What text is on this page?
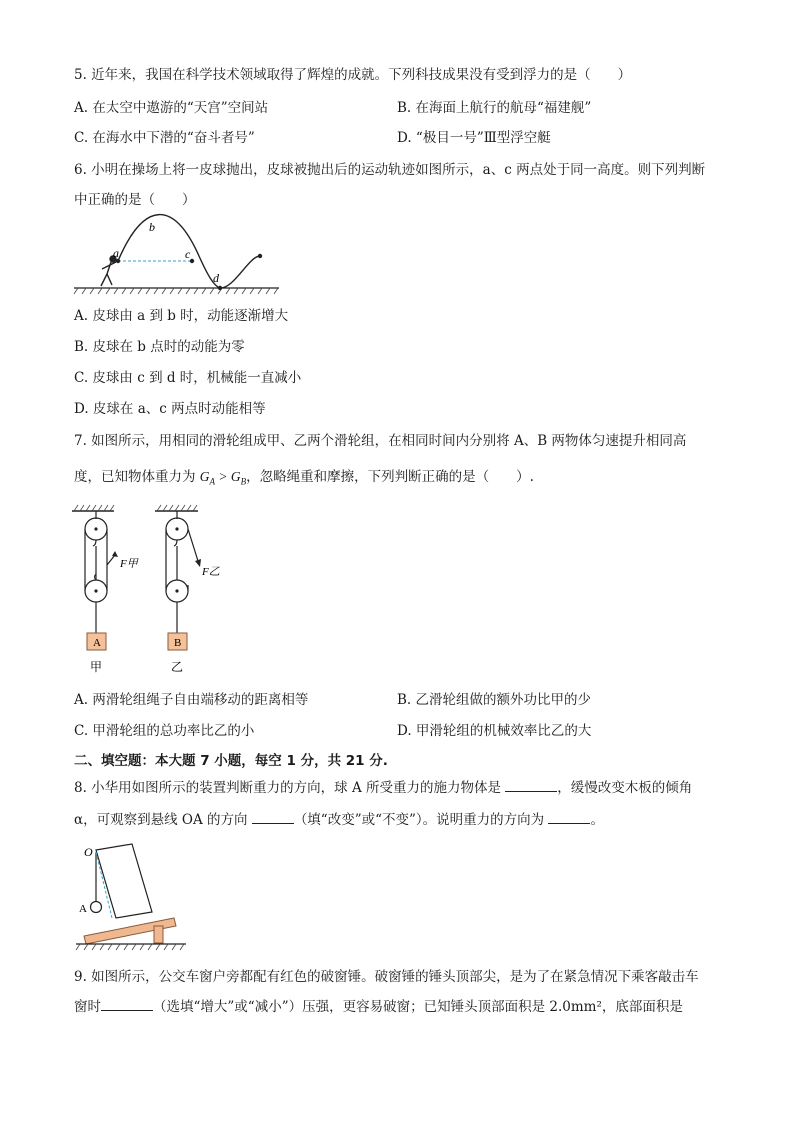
5. 近年来，我国在科学技术领域取得了辉煌的成就。下列科技成果没有受到浮力的是（　　）
A. 在太空中遨游的“天宫”空间站	B. 在海面上航行的航母“福建舰”
C. 在海水中下潜的“奋斗者号”	D. “极目一号”Ⅲ型浮空艇
6. 小明在操场上将一皮球抛出，皮球被抛出后的运动轨迹如图所示，a、c 两点处于同一高度。则下列判断
中正确的是（　　）
a
b
c
d
A. 皮球由 a 到 b 时，动能逐渐增大
B. 皮球在 b 点时的动能为零
C. 皮球由 c 到 d 时，机械能一直减小
D. 皮球在 a、c 两点时动能相等
7. 如图所示，用相同的滑轮组成甲、乙两个滑轮组，在相同时间内分别将 A、B 两物体匀速提升相同高
度，已知物体重力为 $G_A > G_B$，忽略绳重和摩擦，下列判断正确的是（　　）.
F甲
A
甲
F乙
B
乙
A. 两滑轮组绳子自由端移动的距离相等	B. 乙滑轮组做的额外功比甲的少
C. 甲滑轮组的总功率比乙的小	D. 甲滑轮组的机械效率比乙的大
二、填空题：本大题 7 小题，每空 1 分，共 21 分.
8. 小华用如图所示的装置判断重力的方向，球 A 所受重力的施力物体是	，缓慢改变木板的倾角
α，可观察到悬线 OA 的方向	（填“改变”或“不变”）。说明重力的方向为	。
O
A
9. 如图所示，公交车窗户旁都配有红色的破窗锤。破窗锤的锤头顶部尖，是为了在紧急情况下乘客敲击车
窗时	（选填“增大”或“减小”）压强，更容易破窗；已知锤头顶部面积是 2.0mm²，底部面积是
